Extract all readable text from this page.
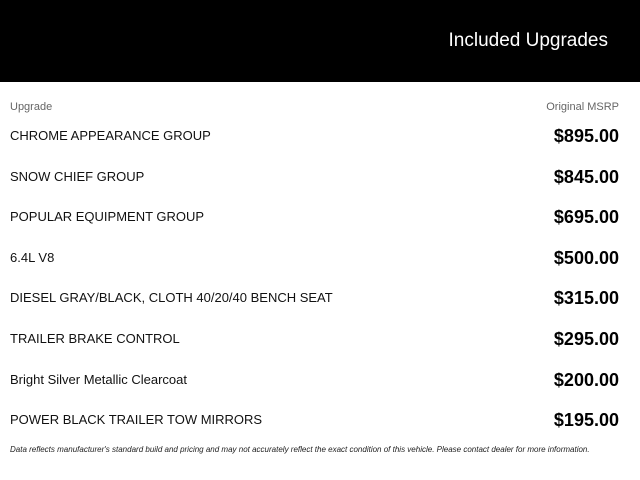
Included Upgrades
Upgrade	Original MSRP
CHROME APPEARANCE GROUP	$895.00
SNOW CHIEF GROUP	$845.00
POPULAR EQUIPMENT GROUP	$695.00
6.4L V8	$500.00
DIESEL GRAY/BLACK, CLOTH 40/20/40 BENCH SEAT	$315.00
TRAILER BRAKE CONTROL	$295.00
Bright Silver Metallic Clearcoat	$200.00
POWER BLACK TRAILER TOW MIRRORS	$195.00
Data reflects manufacturer's standard build and pricing and may not accurately reflect the exact condition of this vehicle. Please contact dealer for more information.
